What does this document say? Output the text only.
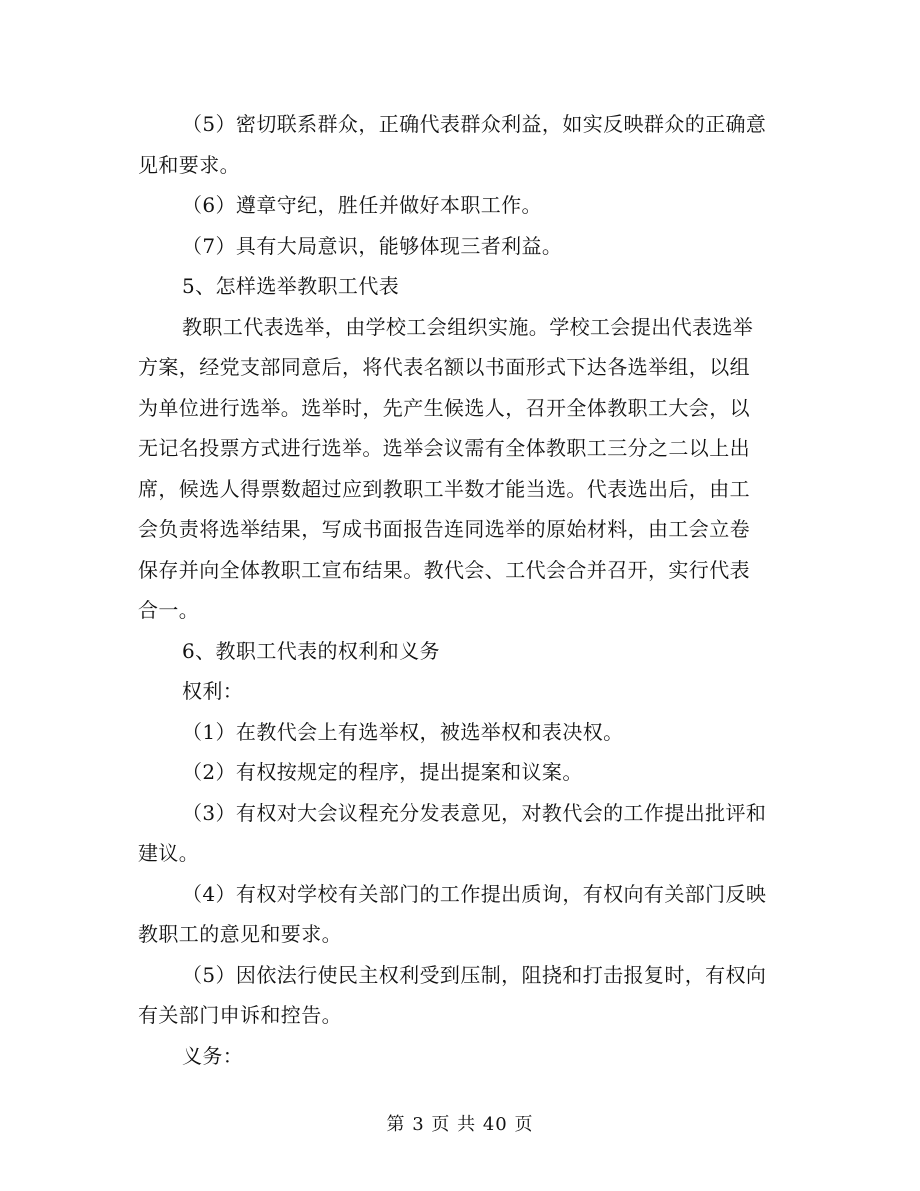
（5）密切联系群众，正确代表群众利益，如实反映群众的正确意
见和要求。
（6）遵章守纪，胜任并做好本职工作。
（7）具有大局意识，能够体现三者利益。
5、怎样选举教职工代表
教职工代表选举，由学校工会组织实施。学校工会提出代表选举
方案，经党支部同意后，将代表名额以书面形式下达各选举组，以组
为单位进行选举。选举时，先产生候选人，召开全体教职工大会，以
无记名投票方式进行选举。选举会议需有全体教职工三分之二以上出
席，候选人得票数超过应到教职工半数才能当选。代表选出后，由工
会负责将选举结果，写成书面报告连同选举的原始材料，由工会立卷
保存并向全体教职工宣布结果。教代会、工代会合并召开，实行代表
合一。
6、教职工代表的权利和义务
权利：
（1）在教代会上有选举权，被选举权和表决权。
（2）有权按规定的程序，提出提案和议案。
（3）有权对大会议程充分发表意见，对教代会的工作提出批评和
建议。
（4）有权对学校有关部门的工作提出质询，有权向有关部门反映
教职工的意见和要求。
（5）因依法行使民主权利受到压制，阻挠和打击报复时，有权向
有关部门申诉和控告。
义务：
第 3 页 共 40 页
